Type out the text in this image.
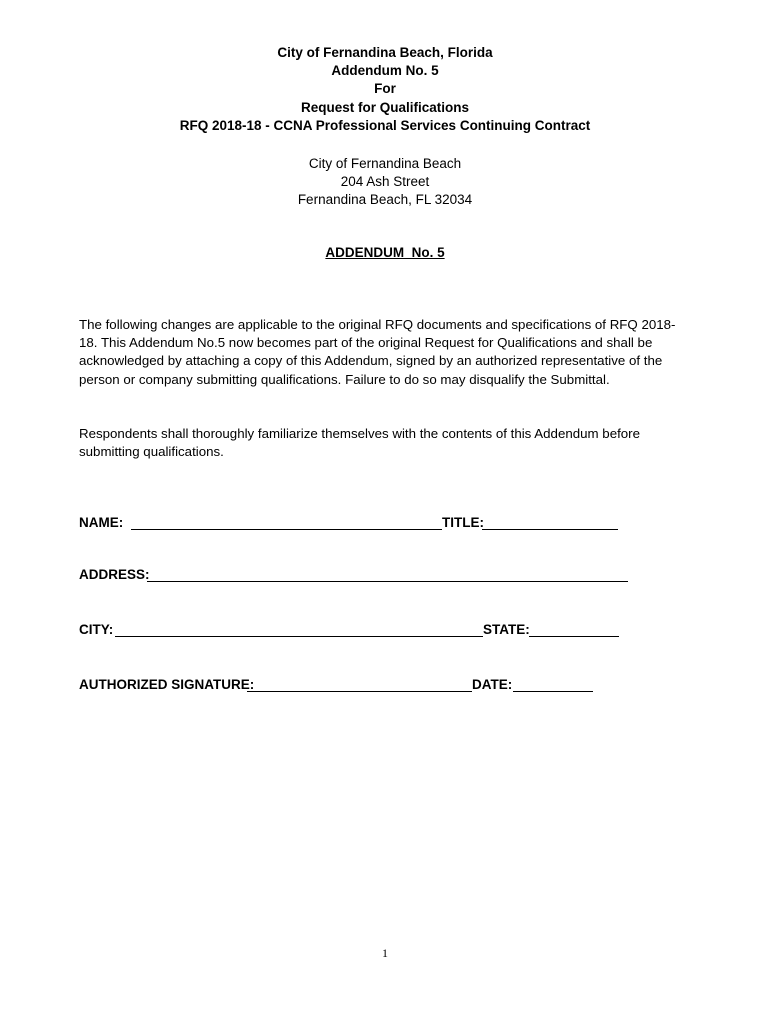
City of Fernandina Beach, Florida
Addendum No. 5
For
Request for Qualifications
RFQ 2018-18 - CCNA Professional Services Continuing Contract
City of Fernandina Beach
204 Ash Street
Fernandina Beach, FL 32034
ADDENDUM  No. 5
The following changes are applicable to the original RFQ documents and specifications of RFQ 2018-18. This Addendum No.5 now becomes part of the original Request for Qualifications and shall be acknowledged by attaching a copy of this Addendum, signed by an authorized representative of the person or company submitting qualifications. Failure to do so may disqualify the Submittal.
Respondents shall thoroughly familiarize themselves with the contents of this Addendum before submitting qualifications.
NAME:	TITLE:
ADDRESS:
CITY:	STATE:
AUTHORIZED SIGNATURE:	DATE:
1
